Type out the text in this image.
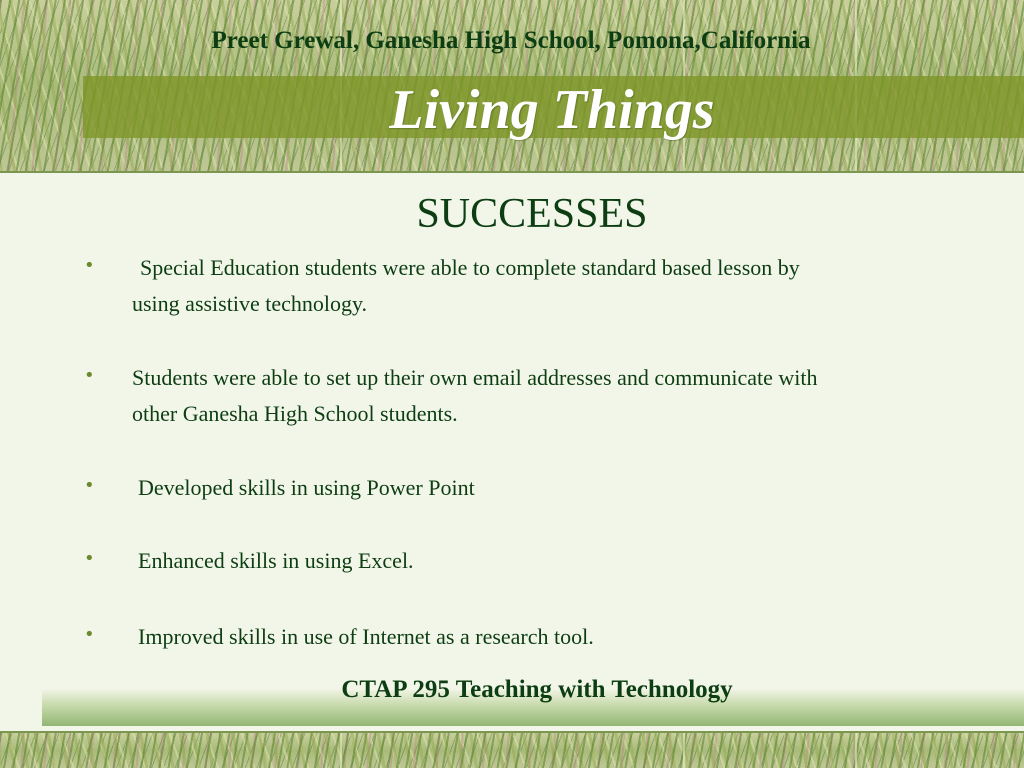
Preet Grewal, Ganesha High School, Pomona,California
Living Things
SUCCESSES
•	Special Education students were able to complete standard based lesson by using assistive technology.
• Students were able to set up their own email addresses and communicate with other Ganesha High School students.
• Developed skills in using Power Point
• Enhanced skills in using Excel.
• Improved skills in use of Internet as a research tool.
CTAP 295 Teaching with Technology
